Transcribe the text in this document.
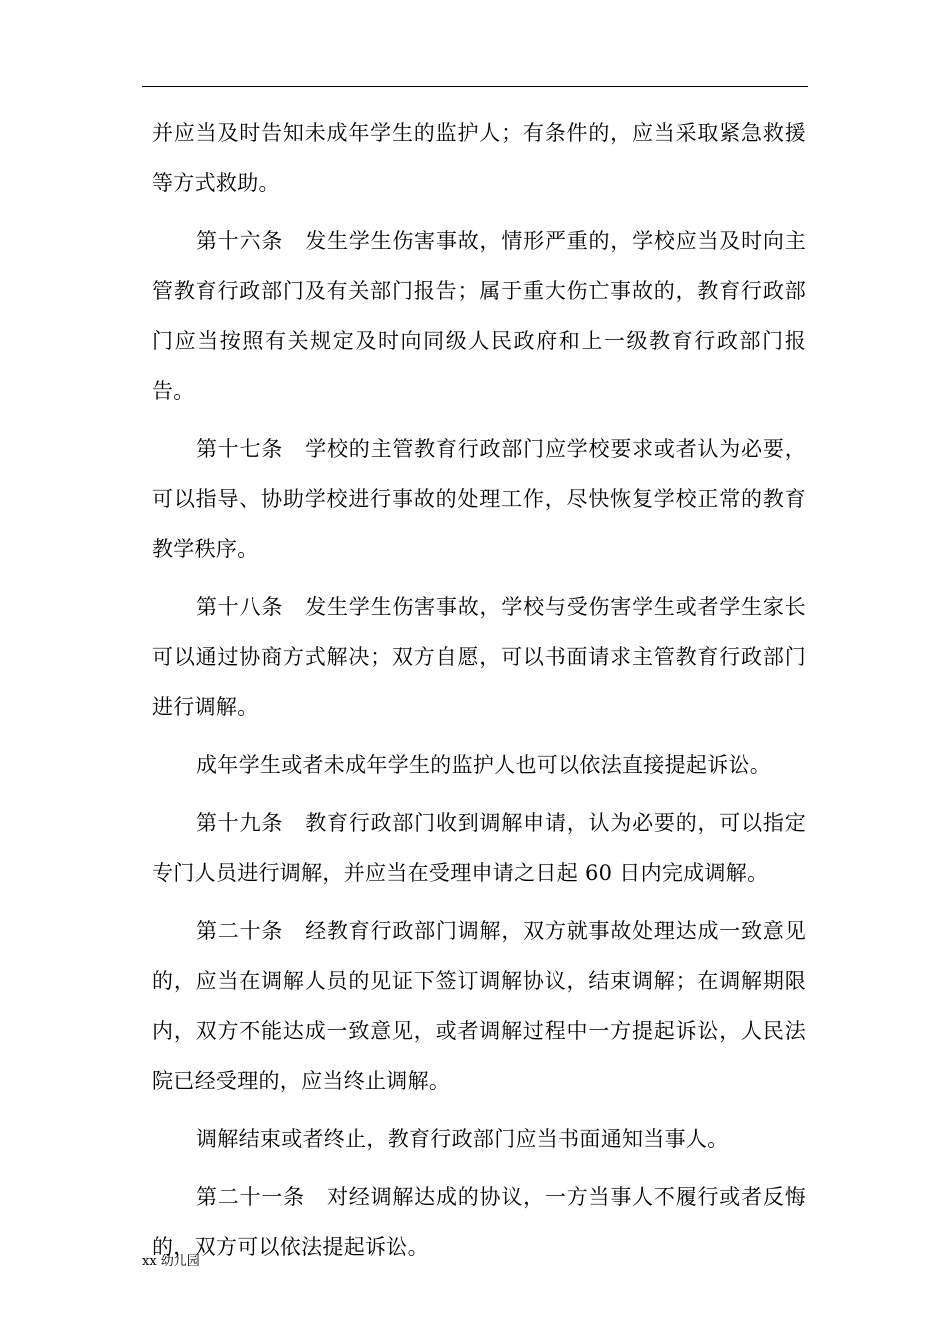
并应当及时告知未成年学生的监护人；有条件的，应当采取紧急救援等方式救助。

第十六条 发生学生伤害事故，情形严重的，学校应当及时向主管教育行政部门及有关部门报告；属于重大伤亡事故的，教育行政部门应当按照有关规定及时向同级人民政府和上一级教育行政部门报告。

第十七条 学校的主管教育行政部门应学校要求或者认为必要，可以指导、协助学校进行事故的处理工作，尽快恢复学校正常的教育教学秩序。

第十八条 发生学生伤害事故，学校与受伤害学生或者学生家长可以通过协商方式解决；双方自愿，可以书面请求主管教育行政部门进行调解。

成年学生或者未成年学生的监护人也可以依法直接提起诉讼。

第十九条 教育行政部门收到调解申请，认为必要的，可以指定专门人员进行调解，并应当在受理申请之日起 60 日内完成调解。

第二十条 经教育行政部门调解，双方就事故处理达成一致意见的，应当在调解人员的见证下签订调解协议，结束调解；在调解期限内，双方不能达成一致意见，或者调解过程中一方提起诉讼，人民法院已经受理的，应当终止调解。

调解结束或者终止，教育行政部门应当书面通知当事人。

第二十一条 对经调解达成的协议，一方当事人不履行或者反悔的，双方可以依法提起诉讼。

xx 幼儿园
